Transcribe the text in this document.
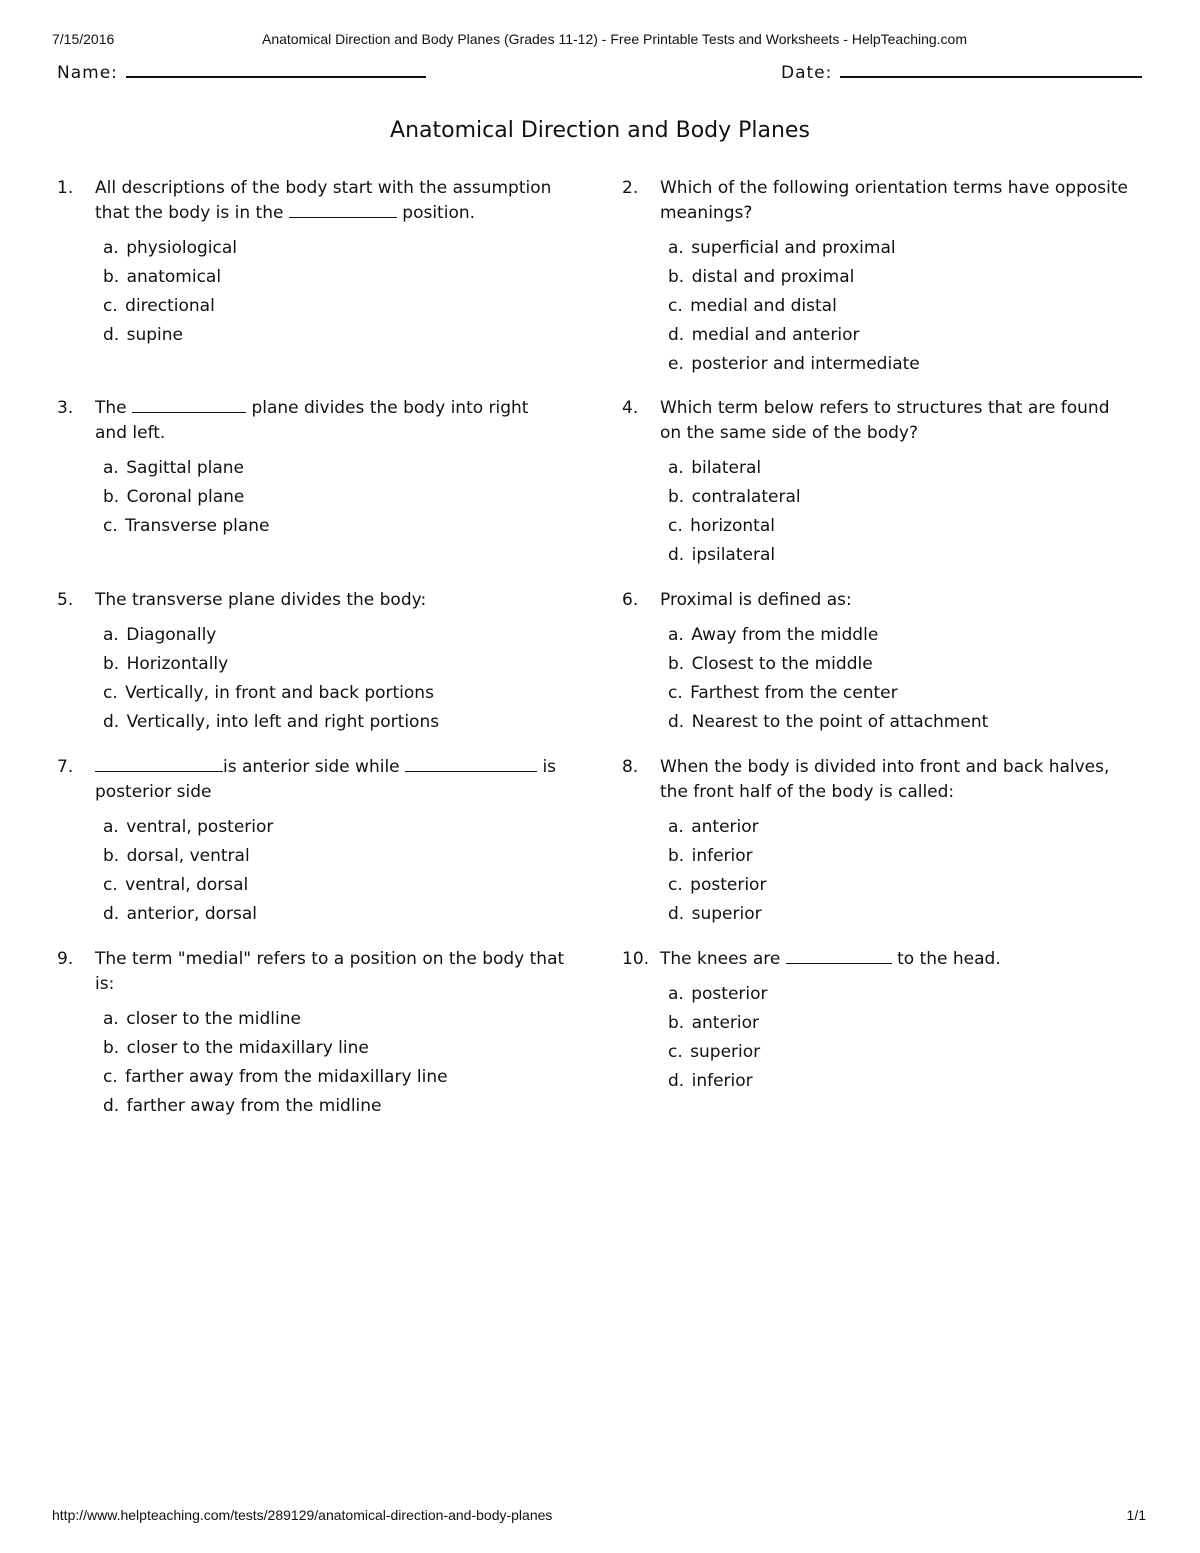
7/15/2016	Anatomical Direction and Body Planes (Grades 11-12) - Free Printable Tests and Worksheets - HelpTeaching.com
Name:	Date:
Anatomical Direction and Body Planes
1. All descriptions of the body start with the assumption that the body is in the	position.
a. physiological
b. anatomical
c. directional
d. supine
2. Which of the following orientation terms have opposite meanings?
a. superficial and proximal
b. distal and proximal
c. medial and distal
d. medial and anterior
e. posterior and intermediate
3. The	plane divides the body into right and left.
a. Sagittal plane
b. Coronal plane
c. Transverse plane
4. Which term below refers to structures that are found on the same side of the body?
a. bilateral
b. contralateral
c. horizontal
d. ipsilateral
5. The transverse plane divides the body:
a. Diagonally
b. Horizontally
c. Vertically, in front and back portions
d. Vertically, into left and right portions
6. Proximal is defined as:
a. Away from the middle
b. Closest to the middle
c. Farthest from the center
d. Nearest to the point of attachment
7.	is anterior side while	is posterior side
a. ventral, posterior
b. dorsal, ventral
c. ventral, dorsal
d. anterior, dorsal
8. When the body is divided into front and back halves, the front half of the body is called:
a. anterior
b. inferior
c. posterior
d. superior
9. The term "medial" refers to a position on the body that is:
a. closer to the midline
b. closer to the midaxillary line
c. farther away from the midaxillary line
d. farther away from the midline
10. The knees are	to the head.
a. posterior
b. anterior
c. superior
d. inferior
http://www.helpteaching.com/tests/289129/anatomical-direction-and-body-planes	1/1
